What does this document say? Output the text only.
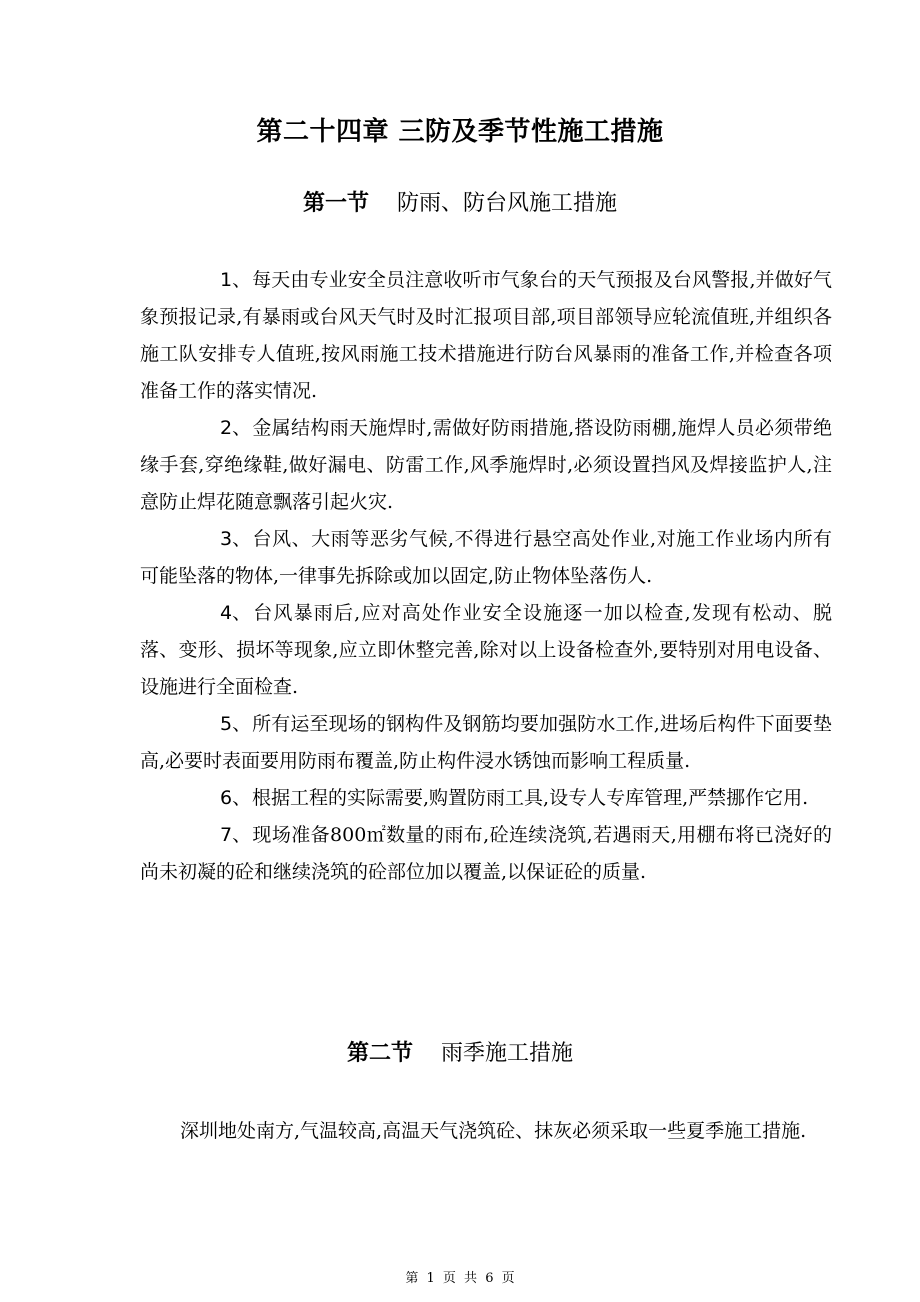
第二十四章 三防及季节性施工措施
第一节 防雨、防台风施工措施

1、每天由专业安全员注意收听市气象台的天气预报及台风警报,并做好气象预报记录,有暴雨或台风天气时及时汇报项目部,项目部领导应轮流值班,并组织各施工队安排专人值班,按风雨施工技术措施进行防台风暴雨的准备工作,并检查各项准备工作的落实情况.

2、金属结构雨天施焊时,需做好防雨措施,搭设防雨棚,施焊人员必须带绝缘手套,穿绝缘鞋,做好漏电、防雷工作,风季施焊时,必须设置挡风及焊接监护人,注意防止焊花随意飘落引起火灾.

3、台风、大雨等恶劣气候,不得进行悬空高处作业,对施工作业场内所有可能坠落的物体,一律事先拆除或加以固定,防止物体坠落伤人.

4、台风暴雨后,应对高处作业安全设施逐一加以检查,发现有松动、脱落、变形、损坏等现象,应立即休整完善,除对以上设备检查外,要特别对用电设备、设施进行全面检查.

5、所有运至现场的钢构件及钢筋均要加强防水工作,进场后构件下面要垫高,必要时表面要用防雨布覆盖,防止构件浸水锈蚀而影响工程质量.

6、根据工程的实际需要,购置防雨工具,设专人专库管理,严禁挪作它用.

7、现场准备800㎡数量的雨布,砼连续浇筑,若遇雨天,用棚布将已浇好的尚未初凝的砼和继续浇筑的砼部位加以覆盖,以保证砼的质量.

第二节 雨季施工措施

深圳地处南方,气温较高,高温天气浇筑砼、抹灰必须采取一些夏季施工措施.

第 1 页 共 6 页
